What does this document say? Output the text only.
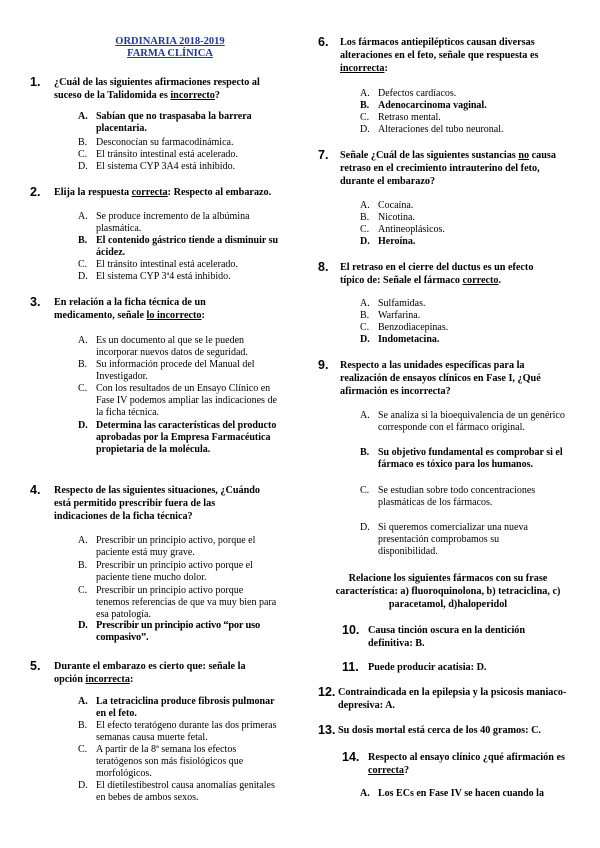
ORDINARIA 2018-2019
FARMA CLÍNICA
1.	¿Cuál de las siguientes afirmaciones respecto al suceso de la Talidomida es incorrecto?
A. Sabían que no traspasaba la barrera placentaria.
B. Desconocían su farmacodinámica.
C. El tránsito intestinal está acelerado.
D. El sistema CYP 3A4 está inhibido.
2.	Elija la respuesta correcta: Respecto al embarazo.
A. Se produce incremento de la albúmina plasmática.
B. El contenido gástrico tiende a disminuir su ácidez.
C. El tránsito intestinal está acelerado.
D. El sistema CYP 3ª4 está inhibido.
3.	En relación a la ficha técnica de un medicamento, señale lo incorrecto:
A. Es un documento al que se le pueden incorporar nuevos datos de seguridad.
B. Su información procede del Manual del Investigador.
C. Con los resultados de un Ensayo Clínico en Fase IV podemos ampliar las indicaciones de la ficha técnica.
D. Determina las características del producto aprobadas por la Empresa Farmacéutica propietaria de la molécula.
4.	Respecto de las siguientes situaciones, ¿Cuándo está permitido prescribir fuera de las indicaciones de la ficha técnica?
A. Prescribir un principio activo, porque el paciente está muy grave.
B. Prescribir un principio activo porque el paciente tiene mucho dolor.
C. Prescribir un principio activo porque tenemos referencias de que va muy bien para esa patología.
D. Prescribir un principio activo “por uso compasivo”.
5.	Durante el embarazo es cierto que: señale la opción incorrecta:
A. La tetraciclina produce fibrosis pulmonar en el feto.
B. El efecto teratógeno durante las dos primeras semanas causa muerte fetal.
C. A partir de la 8ª semana los efectos teratógenos son más fisiológicos que morfológicos.
D. El dietilestibestrol causa anomalías genitales en bebes de ambos sexos.
6.	Los fármacos antiepilépticos causan diversas alteraciones en el feto, señale que respuesta es incorrecta:
A. Defectos cardíacos.
B. Adenocarcinoma vaginal.
C. Retraso mental.
D. Alteraciones del tubo neuronal.
7.	Señale ¿Cuál de las siguientes sustancias no causa retraso en el crecimiento intrauterino del feto, durante el embarazo?
A. Cocaína.
B. Nicotina.
C. Antineoplásicos.
D. Heroína.
8.	El retraso en el cierre del ductus es un efecto típico de: Señale el fármaco correcto.
A. Sulfamidas.
B. Warfarina.
C. Benzodiacepinas.
D. Indometacina.
9.	Respecto a las unidades específicas para la realización de ensayos clínicos en Fase I, ¿Qué afirmación es incorrecta?
A. Se analiza si la bioequivalencia de un genérico corresponde con el fármaco original.
B. Su objetivo fundamental es comprobar si el fármaco es tóxico para los humanos.
C. Se estudian sobre todo concentraciones plasmáticas de los fármacos.
D. Si queremos comercializar una nueva presentación comprobamos su disponibilidad.
Relacione los siguientes fármacos con su frase característica: a) fluoroquinolona, b) tetraciclina, c) paracetamol, d)haloperidol
10. Causa tinción oscura en la dentición definitiva: B.
11. Puede producir acatisia: D.
12. Contraindicada en la epilepsia y la psicosis maniaco-depresiva: A.
13. Su dosis mortal está cerca de los 40 gramos: C.
14. Respecto al ensayo clínico ¿qué afirmación es correcta?
A. Los ECs en Fase IV se hacen cuando la
